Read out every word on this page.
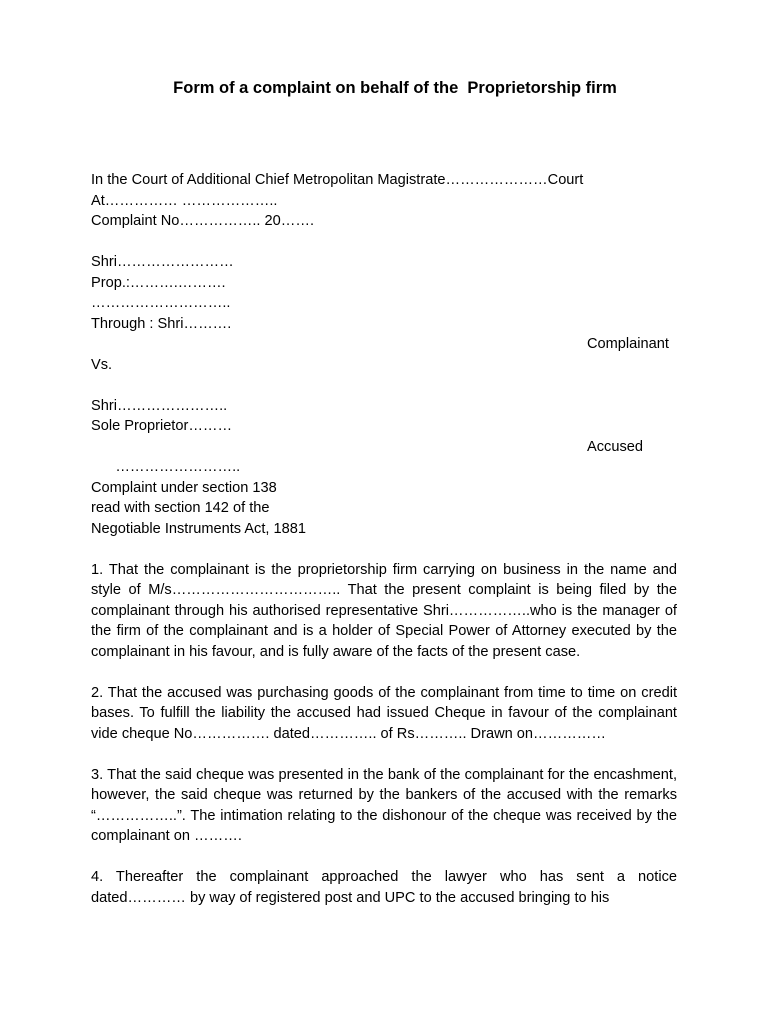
Form of a complaint on behalf of the  Proprietorship firm
In the Court of Additional Chief Metropolitan Magistrate…………………Court
At…………… ………………..
Complaint No…………….. 20…….
Shri……………………
Prop.:……….……….
………………………..
Through : Shri……….

Complainant

Vs.
Shri…………………..
Sole Proprietor………

……………………..

Accused

Complaint under section 138
read with section 142 of the
Negotiable Instruments Act, 1881

1. That the complainant is the proprietorship firm carrying on business in the name and style of M/s…………………………….. That the present complaint is being filed by the complainant through his authorised representative Shri……………..who is the manager of the firm of the complainant and is a holder of Special Power of Attorney executed by the complainant in his favour, and is fully aware of the facts of the present case.

2. That the accused was purchasing goods of the complainant from time to time on credit bases. To fulfill the liability the accused had issued Cheque in favour of the complainant vide cheque No……………. dated………….. of Rs……….. Drawn on……………

3. That the said cheque was presented in the bank of the complainant for the encashment, however, the said cheque was returned by the bankers of the accused with the remarks “……………..”. The intimation relating to the dishonour of the cheque was received by the complainant on ……….

4. Thereafter the complainant approached the lawyer who has sent a notice dated………… by way of registered post and UPC to the accused bringing to his
